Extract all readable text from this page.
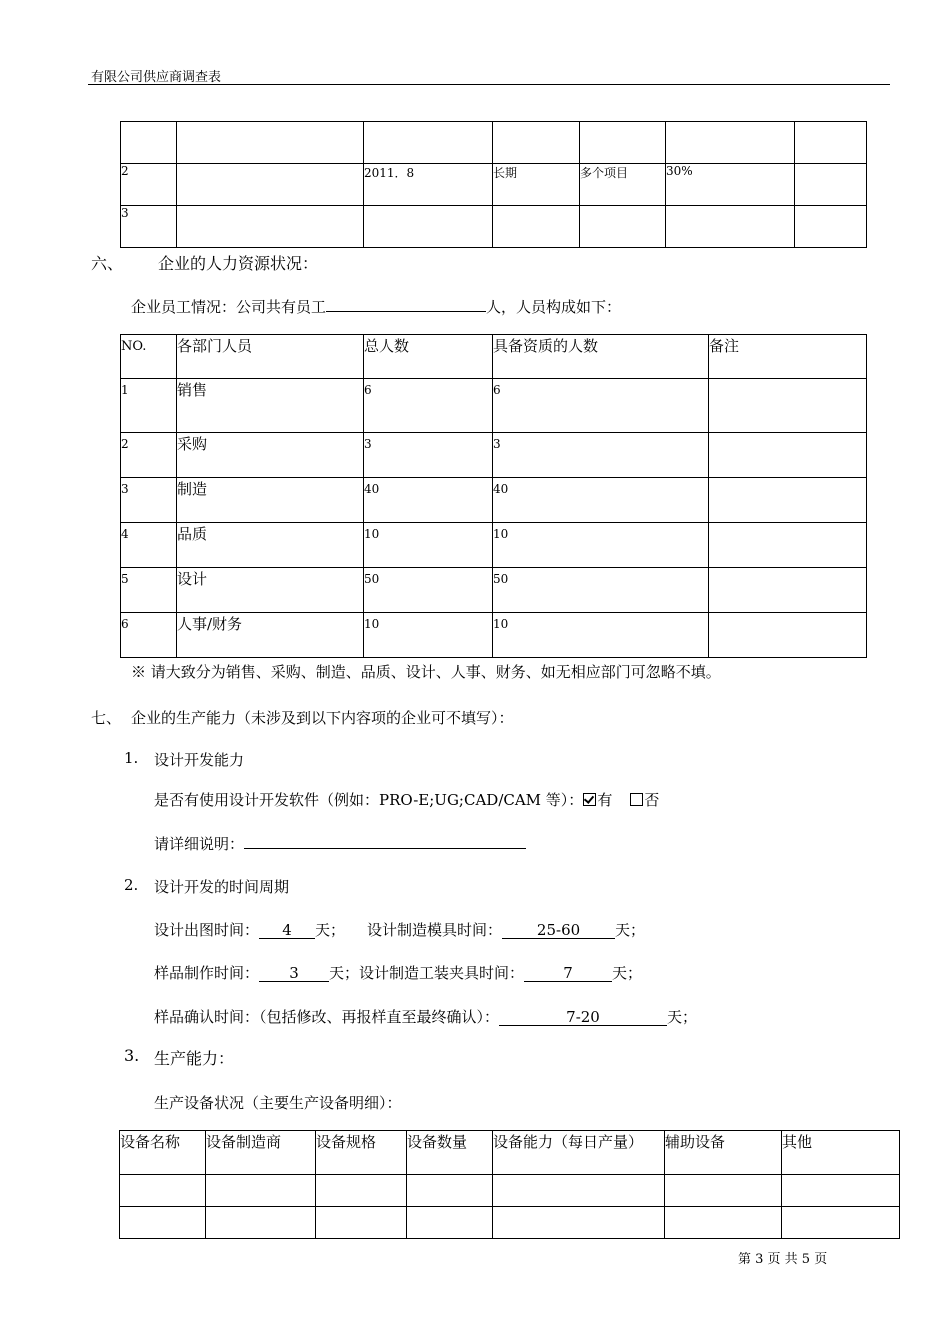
有限公司供应商调查表

2		2011．8	长期	多个项目	30%	
3						
六、 企业的人力资源状况：
企业员工情况：公司共有员工	人，人员构成如下：
NO.	各部门人员	总人数	具备资质的人数	备注
1	销售	6	6	
2	采购	3	3	
3	制造	40	40	
4	品质	10	10	
5	设计	50	50	
6	人事/财务	10	10	
※ 请大致分为销售、采购、制造、品质、设计、人事、财务、如无相应部门可忽略不填。
七、 企业的生产能力（未涉及到以下内容项的企业可不填写）：
1. 设计开发能力
是否有使用设计开发软件（例如：PRO-E;UG;CAD/CAM 等）： 有 否
请详细说明：
2. 设计开发的时间周期
设计出图时间： 4 天； 设计制造模具时间： 25-60 天；
样品制作时间： 3 天；设计制造工装夹具时间：	7	天；
样品确认时间：（包括修改、再报样直至最终确认）：	7-20	天；
3. 生产能力：
生产设备状况（主要生产设备明细）：
设备名称	设备制造商	设备规格	设备数量	设备能力（每日产量）	辅助设备	其他

第 3 页 共 5 页
